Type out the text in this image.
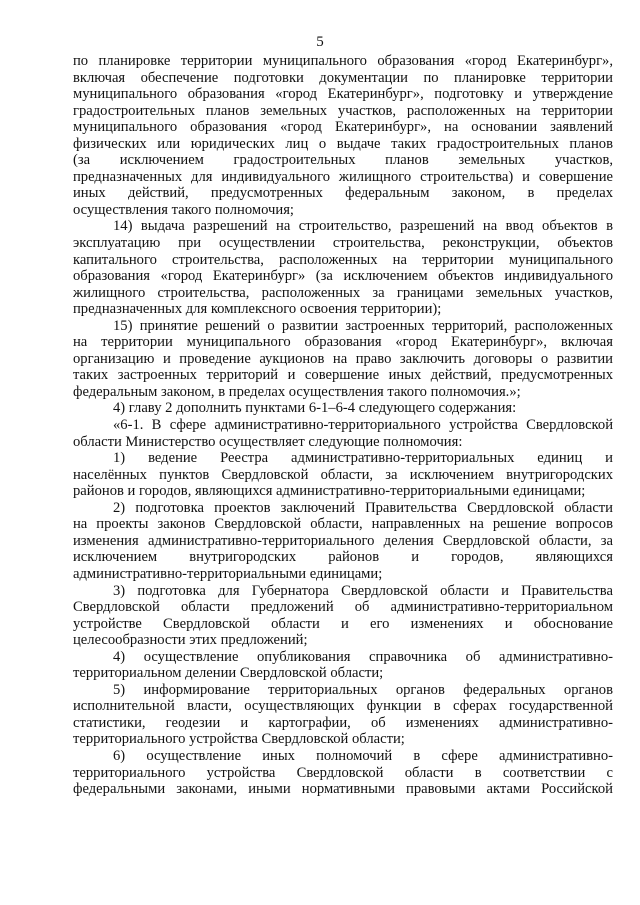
5
по планировке территории муниципального образования «город Екатеринбург»,
включая обеспечение подготовки документации по планировке территории
муниципального образования «город Екатеринбург», подготовку и утверждение
градостроительных планов земельных участков, расположенных на территории
муниципального образования «город Екатеринбург», на основании заявлений
физических или юридических лиц о выдаче таких градостроительных планов
(за исключением градостроительных планов земельных участков,
предназначенных для индивидуального жилищного строительства) и совершение
иных действий, предусмотренных федеральным законом, в пределах
осуществления такого полномочия;
14) выдача разрешений на строительство, разрешений на ввод объектов в
эксплуатацию при осуществлении строительства, реконструкции, объектов
капитального строительства, расположенных на территории муниципального
образования «город Екатеринбург» (за исключением объектов индивидуального
жилищного строительства, расположенных за границами земельных участков,
предназначенных для комплексного освоения территории);
15) принятие решений о развитии застроенных территорий, расположенных
на территории муниципального образования «город Екатеринбург», включая
организацию и проведение аукционов на право заключить договоры о развитии
таких застроенных территорий и совершение иных действий, предусмотренных
федеральным законом, в пределах осуществления такого полномочия.»;
4) главу 2 дополнить пунктами 6-1–6-4 следующего содержания:
«6-1. В сфере административно-территориального устройства Свердловской
области Министерство осуществляет следующие полномочия:
1) ведение Реестра административно-территориальных единиц и
населённых пунктов Свердловской области, за исключением внутригородских
районов и городов, являющихся административно-территориальными единицами;
2) подготовка проектов заключений Правительства Свердловской области
на проекты законов Свердловской области, направленных на решение вопросов
изменения административно-территориального деления Свердловской области, за
исключением внутригородских районов и городов, являющихся
административно-территориальными единицами;
3) подготовка для Губернатора Свердловской области и Правительства
Свердловской области предложений об административно-территориальном
устройстве Свердловской области и его изменениях и обоснование
целесообразности этих предложений;
4) осуществление опубликования справочника об административно-
территориальном делении Свердловской области;
5) информирование территориальных органов федеральных органов
исполнительной власти, осуществляющих функции в сферах государственной
статистики, геодезии и картографии, об изменениях административно-
территориального устройства Свердловской области;
6) осуществление иных полномочий в сфере административно-
территориального устройства Свердловской области в соответствии с
федеральными законами, иными нормативными правовыми актами Российской
